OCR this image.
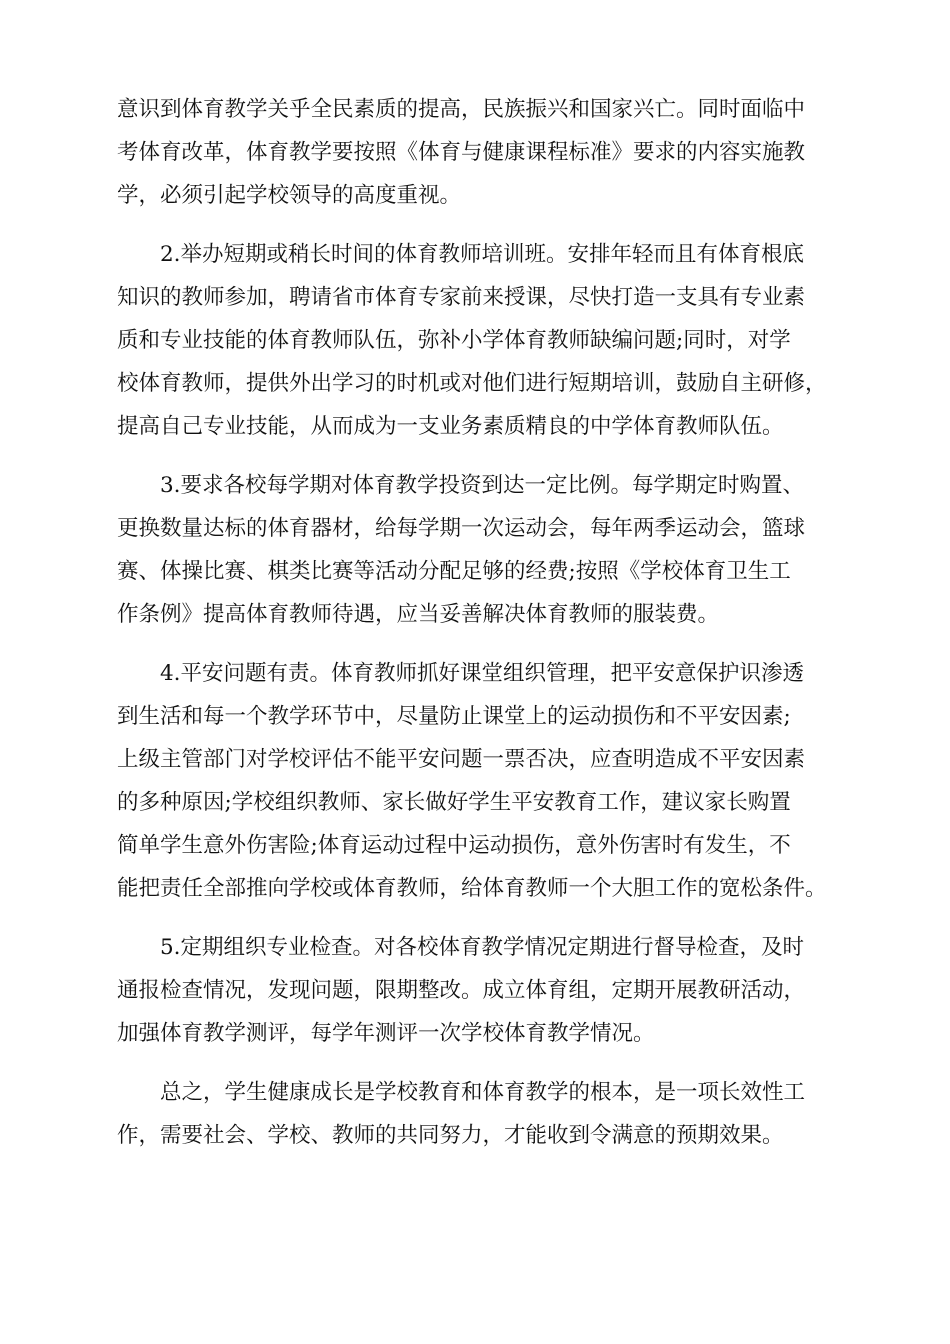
意识到体育教学关乎全民素质的提高，民族振兴和国家兴亡。同时面临中
考体育改革，体育教学要按照《体育与健康课程标准》要求的内容实施教
学，必须引起学校领导的高度重视。
2.举办短期或稍长时间的体育教师培训班。安排年轻而且有体育根底
知识的教师参加，聘请省市体育专家前来授课，尽快打造一支具有专业素
质和专业技能的体育教师队伍，弥补小学体育教师缺编问题;同时，对学
校体育教师，提供外出学习的时机或对他们进行短期培训，鼓励自主研修，
提高自己专业技能，从而成为一支业务素质精良的中学体育教师队伍。
3.要求各校每学期对体育教学投资到达一定比例。每学期定时购置、
更换数量达标的体育器材，给每学期一次运动会，每年两季运动会，篮球
赛、体操比赛、棋类比赛等活动分配足够的经费;按照《学校体育卫生工
作条例》提高体育教师待遇，应当妥善解决体育教师的服装费。
4.平安问题有责。体育教师抓好课堂组织管理，把平安意保护识渗透
到生活和每一个教学环节中，尽量防止课堂上的运动损伤和不平安因素;
上级主管部门对学校评估不能平安问题一票否决，应查明造成不平安因素
的多种原因;学校组织教师、家长做好学生平安教育工作，建议家长购置
简单学生意外伤害险;体育运动过程中运动损伤，意外伤害时有发生，不
能把责任全部推向学校或体育教师，给体育教师一个大胆工作的宽松条件。
5.定期组织专业检查。对各校体育教学情况定期进行督导检查，及时
通报检查情况，发现问题，限期整改。成立体育组，定期开展教研活动，
加强体育教学测评，每学年测评一次学校体育教学情况。
总之，学生健康成长是学校教育和体育教学的根本，是一项长效性工
作，需要社会、学校、教师的共同努力，才能收到令满意的预期效果。
